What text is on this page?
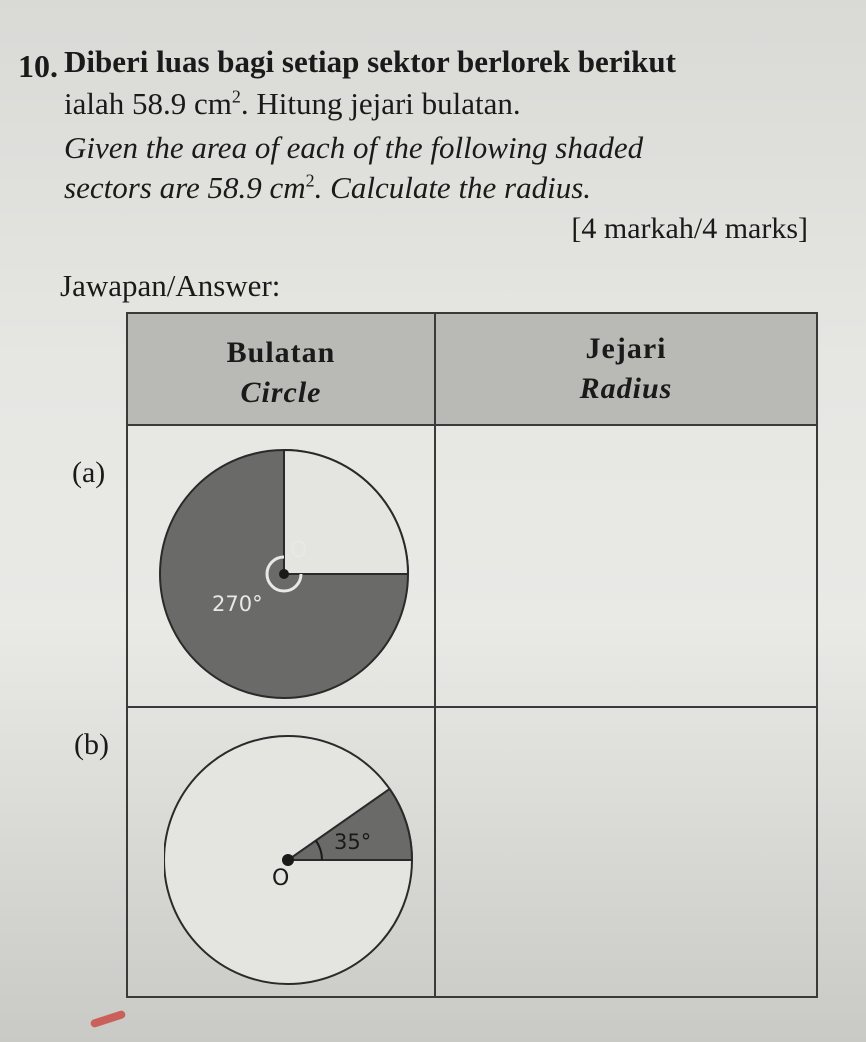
10. Diberi luas bagi setiap sektor berlorek berikut
ialah 58.9 $cm^2$. Hitung jejari bulatan.
Given the area of each of the following shaded
sectors are 58.9 $cm^2$. Calculate the radius.
[4 markah/4 marks]
Jawapan/Answer:
Bulatan
Circle
Jejari
Radius
O
270°
O
35°
(a)
(b)
